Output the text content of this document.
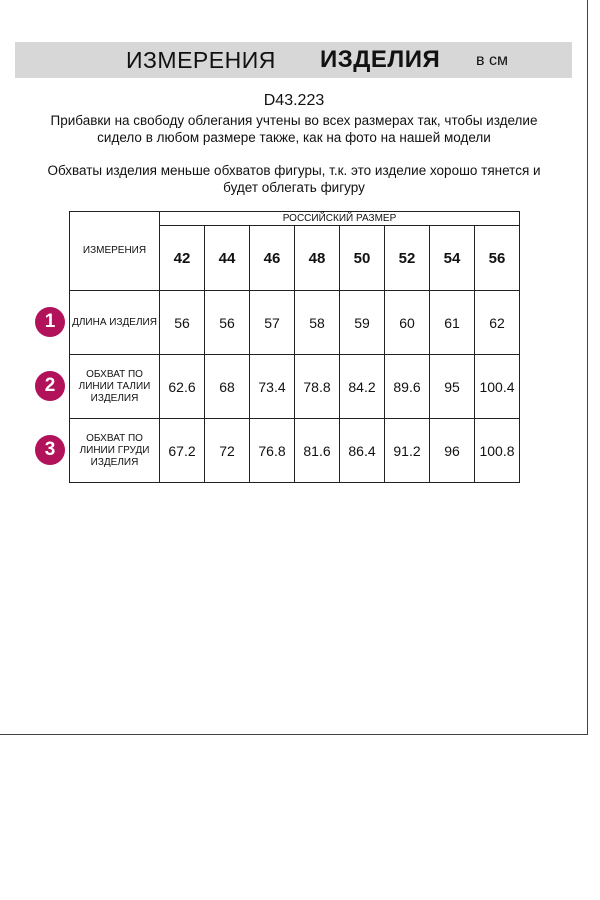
ИЗМЕРЕНИЯ ИЗДЕЛИЯ в см
D43.223
Прибавки на свободу облегания учтены во всех размерах так, чтобы изделие сидело в любом размере также, как на фото на нашей модели
Обхваты изделия меньше обхватов фигуры, т.к. это изделие хорошо тянется и будет облегать фигуру
ИЗМЕРЕНИЯ	РОССИЙСКИЙ РАЗМЕР							
	42	44	46	48	50	52	54	56
ДЛИНА ИЗДЕЛИЯ	56	56	57	58	59	60	61	62
ОБХВАТ ПО ЛИНИИ ТАЛИИ ИЗДЕЛИЯ	62.6	68	73.4	78.8	84.2	89.6	95	100.4
ОБХВАТ ПО ЛИНИИ ГРУДИ ИЗДЕЛИЯ	67.2	72	76.8	81.6	86.4	91.2	96	100.8
1
2
3
